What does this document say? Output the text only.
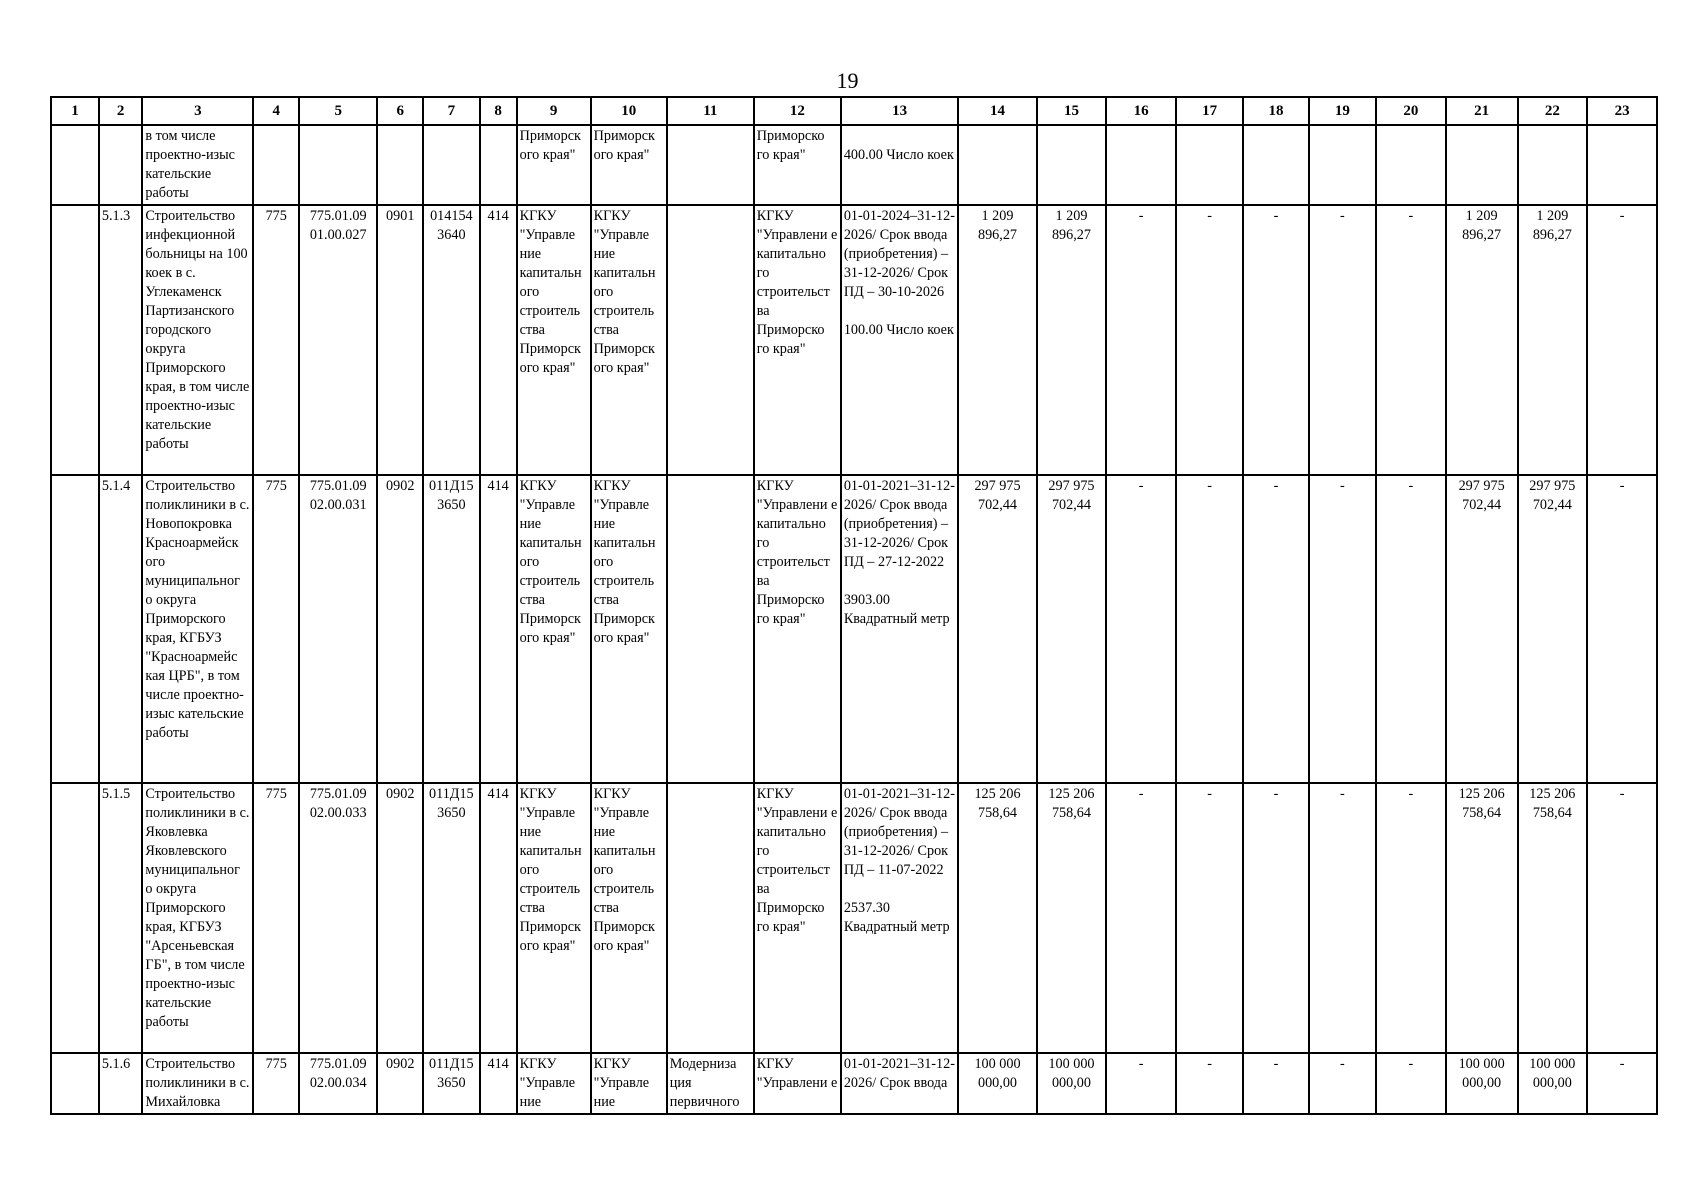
19
1	2	3	4	5	6	7	8	9	10	11	12	13	14	15	16	17	18	19	20	21	22	23
		в том числе проектно-изыс кательские работы						Приморск ого края"	Приморск ого края"		Приморско го края"	
400.00 Число коек										
	5.1.3	Строительство инфекционной больницы на 100 коек в с. Углекаменск Партизанского городского округа Приморского края, в том числе проектно-изыс кательские работы	775	775.01.09 01.00.027	0901	014154 3640	414	КГКУ "Управле ние капитальн ого строитель ства Приморск ого края"	КГКУ "Управле ние капитальн ого строитель ства Приморск ого края"		КГКУ "Управлени е капитально го строительст ва Приморско го края"	01-01-2024–31-12-2026/ Срок ввода (приобретения) – 31-12-2026/ Срок ПД – 30-10-2026

100.00 Число коек	1 209 896,27	1 209 896,27	-	-	-	-	-	1 209 896,27	1 209 896,27	-
	5.1.4	Строительство поликлиники в с. Новопокровка Красноармейск ого муниципальног о округа Приморского края, КГБУЗ "Красноармейс кая ЦРБ", в том числе проектно-изыс кательские работы	775	775.01.09 02.00.031	0902	011Д15 3650	414	КГКУ "Управле ние капитальн ого строитель ства Приморск ого края"	КГКУ "Управле ние капитальн ого строитель ства Приморск ого края"		КГКУ "Управлени е капитально го строительст ва Приморско го края"	01-01-2021–31-12-2026/ Срок ввода (приобретения) – 31-12-2026/ Срок ПД – 27-12-2022

3903.00 Квадратный метр	297 975 702,44	297 975 702,44	-	-	-	-	-	297 975 702,44	297 975 702,44	-
	5.1.5	Строительство поликлиники в с. Яковлевка Яковлевского муниципальног о округа Приморского края, КГБУЗ "Арсеньевская ГБ", в том числе проектно-изыс кательские работы	775	775.01.09 02.00.033	0902	011Д15 3650	414	КГКУ "Управле ние капитальн ого строитель ства Приморск ого края"	КГКУ "Управле ние капитальн ого строитель ства Приморск ого края"		КГКУ "Управлени е капитально го строительст ва Приморско го края"	01-01-2021–31-12-2026/ Срок ввода (приобретения) – 31-12-2026/ Срок ПД – 11-07-2022

2537.30 Квадратный метр	125 206 758,64	125 206 758,64	-	-	-	-	-	125 206 758,64	125 206 758,64	-
	5.1.6	Строительство поликлиники в с. Михайловка	775	775.01.09 02.00.034	0902	011Д15 3650	414	КГКУ "Управле ние	КГКУ "Управле ние	Модерниза ция первичного	КГКУ "Управлени е	01-01-2021–31-12-2026/ Срок ввода	100 000 000,00	100 000 000,00	-	-	-	-	-	100 000 000,00	100 000 000,00	-
